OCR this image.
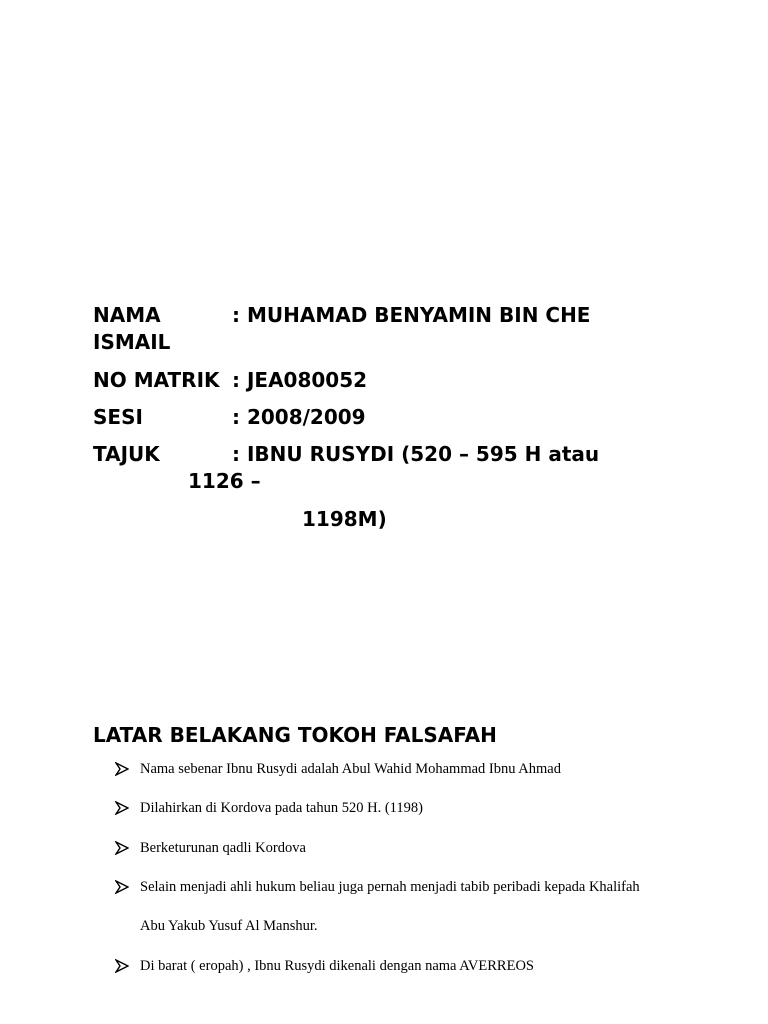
NAMA	: MUHAMAD BENYAMIN BIN CHE
ISMAIL
NO MATRIK : JEA080052
SESI	: 2008/2009
TAJUK	: IBNU RUSYDI (520 – 595 H atau
1126 –
1198M)
LATAR BELAKANG TOKOH FALSAFAH
Nama sebenar Ibnu Rusydi adalah Abul Wahid Mohammad Ibnu Ahmad
Dilahirkan di Kordova pada tahun 520 H. (1198)
Berketurunan qadli Kordova
Selain menjadi ahli hukum beliau juga pernah menjadi tabib peribadi kepada Khalifah
Abu Yakub Yusuf Al Manshur.
Di barat ( eropah) , Ibnu Rusydi dikenali dengan nama AVERREOS
